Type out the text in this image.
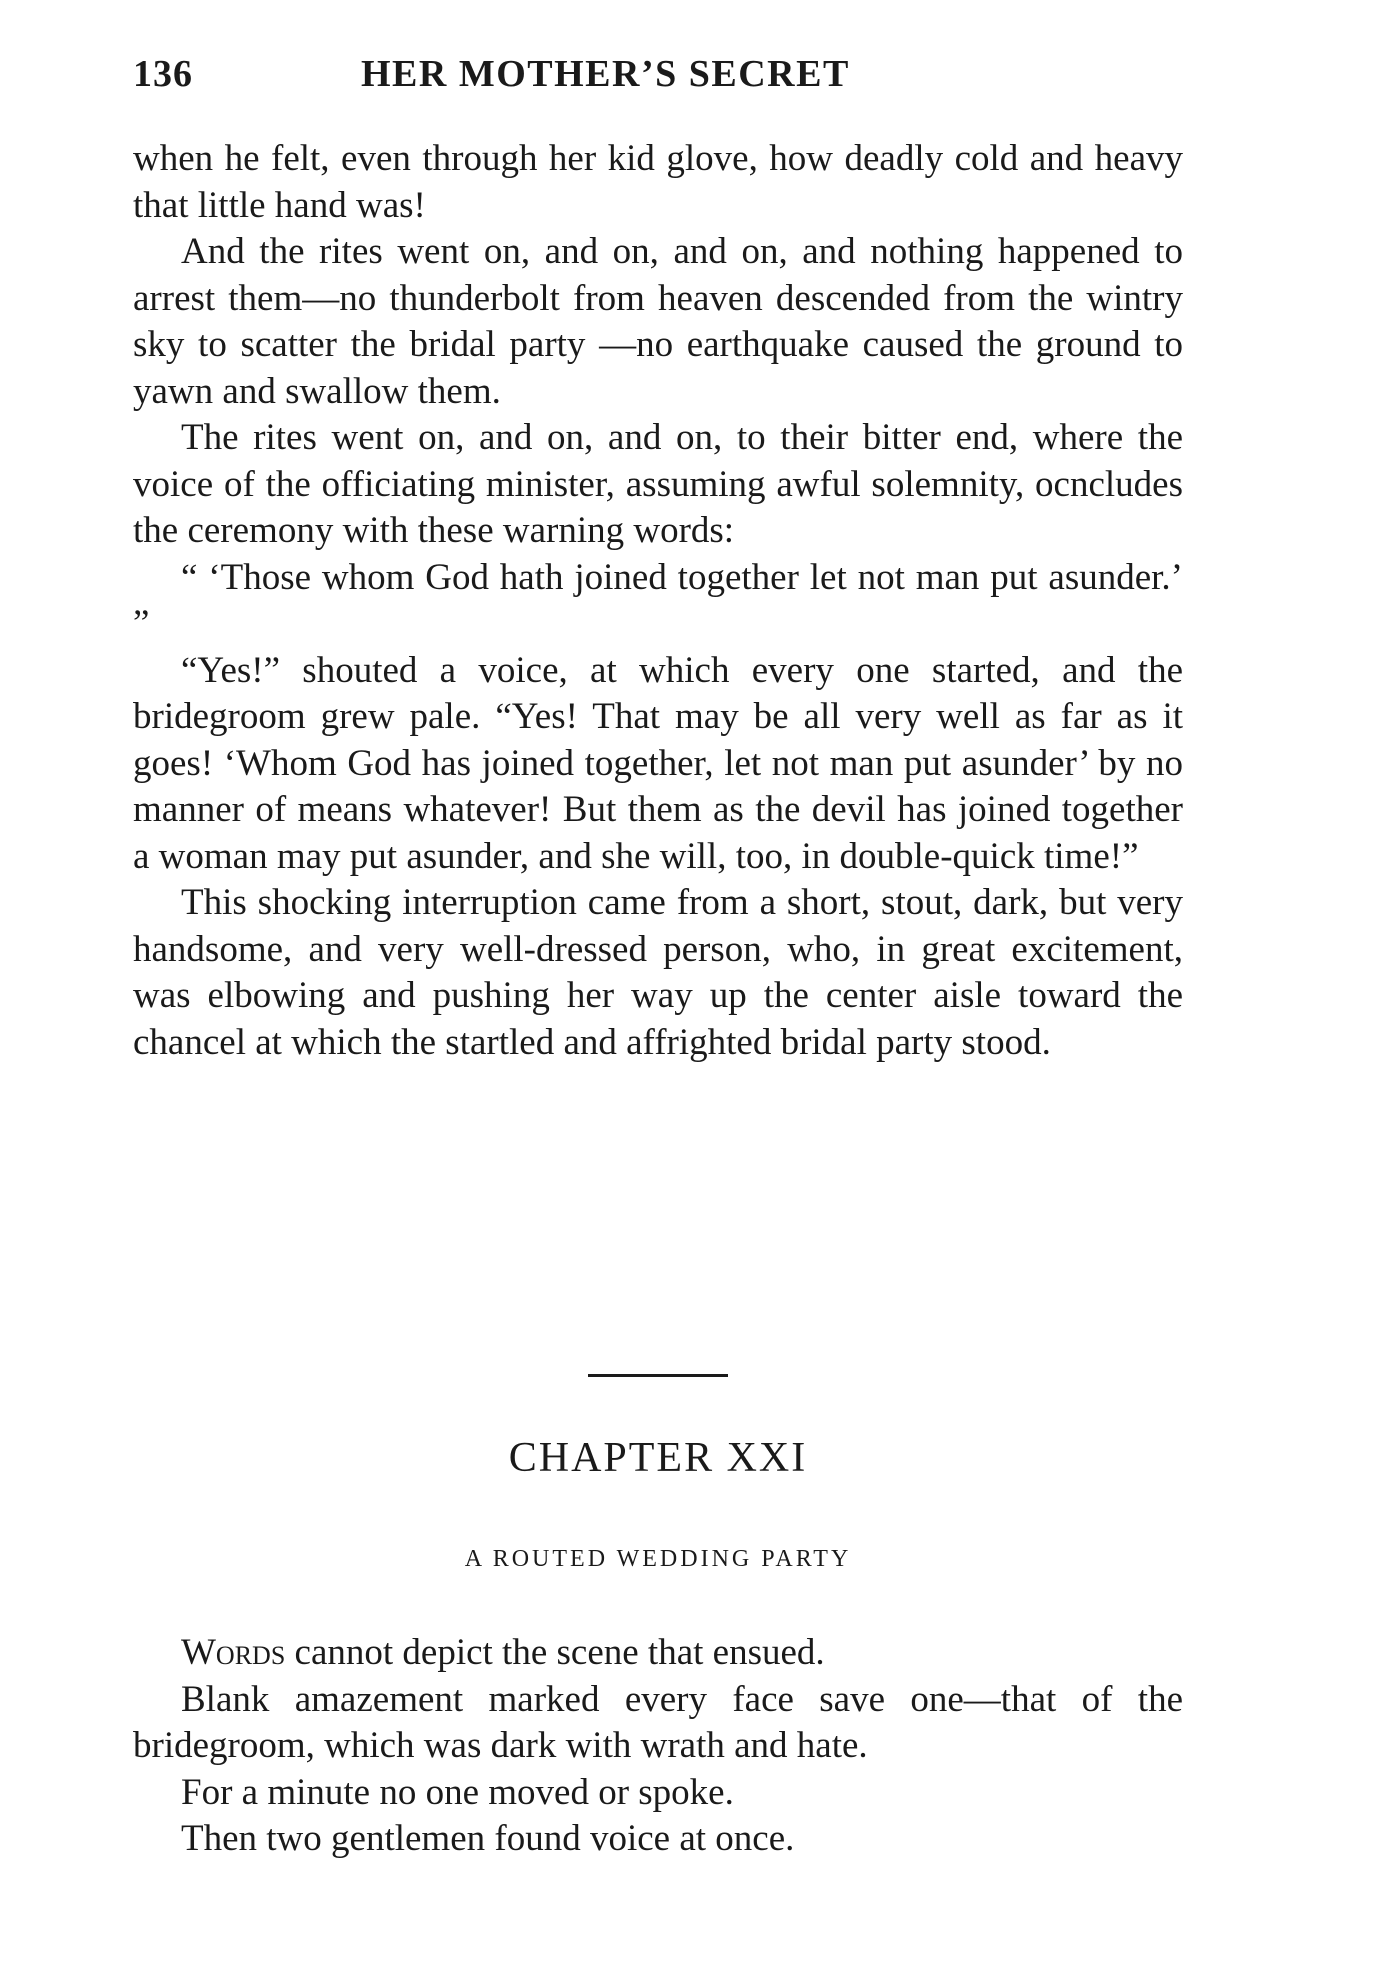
136	HER MOTHER’S SECRET

when he felt, even through her kid glove, how deadly cold and heavy that little hand was!

And the rites went on, and on, and on, and nothing happened to arrest them—no thunderbolt from heaven descended from the wintry sky to scatter the bridal party —no earthquake caused the ground to yawn and swallow them.

The rites went on, and on, and on, to their bitter end, where the voice of the officiating minister, assuming awful solemnity, ocncludes the ceremony with these warning words:

“ ‘Those whom God hath joined together let not man put asunder.’ ”

“Yes!” shouted a voice, at which every one started, and the bridegroom grew pale. “Yes! That may be all very well as far as it goes! ‘Whom God has joined together, let not man put asunder’ by no manner of means whatever! But them as the devil has joined together a woman may put asunder, and she will, too, in double-quick time!”

This shocking interruption came from a short, stout, dark, but very handsome, and very well-dressed person, who, in great excitement, was elbowing and pushing her way up the center aisle toward the chancel at which the startled and affrighted bridal party stood.

CHAPTER XXI
A ROUTED WEDDING PARTY

Words cannot depict the scene that ensued.

Blank amazement marked every face save one—that of the bridegroom, which was dark with wrath and hate.

For a minute no one moved or spoke.

Then two gentlemen found voice at once.
